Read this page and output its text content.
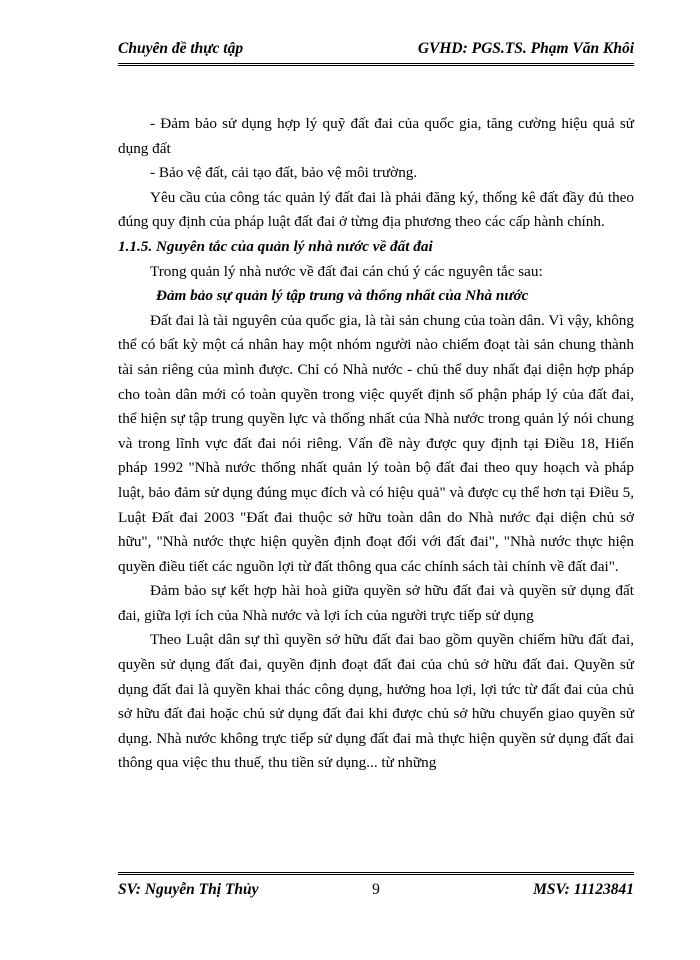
Chuyên đề thực tập	GVHD: PGS.TS. Phạm Văn Khôi

- Đảm bảo sử dụng hợp lý quỹ đất đai của quốc gia, tăng cường hiệu quả sử dụng đất

- Bảo vệ đất, cải tạo đất, bảo vệ môi trường.

Yêu cầu của công tác quản lý đất đai là phải đăng ký, thống kê đất đầy đủ theo đúng quy định của pháp luật đất đai ở từng địa phương theo các cấp hành chính.

1.1.5. Nguyên tắc của quản lý nhà nước về đất đai

Trong quản lý nhà nước về đất đai cán chú ý các nguyên tắc sau:

Đảm bảo sự quản lý tập trung và thống nhất của Nhà nước

Đất đai là tài nguyên của quốc gia, là tài sản chung của toàn dân. Vì vậy, không thể có bất kỳ một cá nhân hay một nhóm người nào chiếm đoạt tài sản chung thành tài sản riêng của mình được. Chỉ có Nhà nước - chủ thể duy nhất đại diện hợp pháp cho toàn dân mới có toàn quyền trong việc quyết định số phận pháp lý của đất đai, thể hiện sự tập trung quyền lực và thống nhất của Nhà nước trong quản lý nói chung và trong lĩnh vực đất đai nói riêng. Vấn đề này được quy định tại Điều 18, Hiến pháp 1992 "Nhà nước thống nhất quản lý toàn bộ đất đai theo quy hoạch và pháp luật, bảo đảm sử dụng đúng mục đích và có hiệu quả" và được cụ thể hơn tại Điều 5, Luật Đất đai 2003 "Đất đai thuộc sở hữu toàn dân do Nhà nước đại diện chủ sở hữu", "Nhà nước thực hiện quyền định đoạt đối với đất đai", "Nhà nước thực hiện quyền điều tiết các nguồn lợi từ đất thông qua các chính sách tài chính về đất đai".

Đảm bảo sự kết hợp hài hoà giữa quyền sở hữu đất đai và quyền sử dụng đất đai, giữa lợi ích của Nhà nước và lợi ích của người trực tiếp sử dụng

Theo Luật dân sự thì quyền sở hữu đất đai bao gồm quyền chiếm hữu đất đai, quyền sử dụng đất đai, quyền định đoạt đất đai của chủ sở hữu đất đai. Quyền sử dụng đất đai là quyền khai thác công dụng, hưởng hoa lợi, lợi tức từ đất đai của chủ sở hữu đất đai hoặc chủ sử dụng đất đai khi được chủ sở hữu chuyển giao quyền sử dụng. Nhà nước không trực tiếp sử dụng đất đai mà thực hiện quyền sử dụng đất đai thông qua việc thu thuế, thu tiền sử dụng... từ những

SV: Nguyễn Thị Thủy	9	MSV: 11123841
